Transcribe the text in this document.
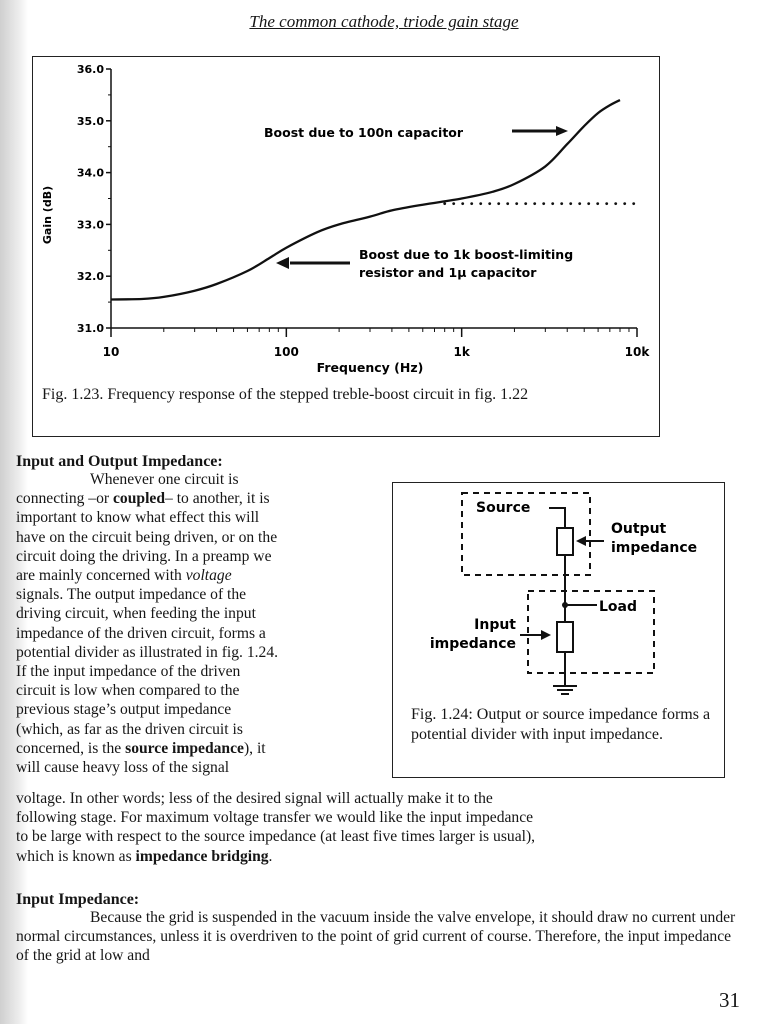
The common cathode, triode gain stage
31.0
32.0
33.0
34.0
35.0
36.0
10	100	1k	10k
Gain (dB)
Frequency (Hz)
Boost due to 100n capacitor
Boost due to 1k boost-limiting
resistor and 1µ capacitor
Fig. 1.23. Frequency response of the stepped treble-boost circuit in fig. 1.22
Input and Output Impedance:
Whenever one circuit is
connecting –or coupled– to another, it is
important to know what effect this will
have on the circuit being driven, or on the
circuit doing the driving. In a preamp we
are mainly concerned with voltage
signals. The output impedance of the
driving circuit, when feeding the input
impedance of the driven circuit, forms a
potential divider as illustrated in fig. 1.24.
If the input impedance of the driven
circuit is low when compared to the
previous stage’s output impedance
(which, as far as the driven circuit is
concerned, is the source impedance), it
will cause heavy loss of the signal
voltage. In other words; less of the desired signal will actually make it to the
following stage. For maximum voltage transfer we would like the input impedance
to be large with respect to the source impedance (at least five times larger is usual),
which is known as impedance bridging.
Source
Load
Output
impedance
Input
impedance
Fig. 1.24: Output or source impedance forms a potential divider with input impedance.
Input Impedance:
Because the grid is suspended in the vacuum inside the valve envelope, it should draw no current under normal circumstances, unless it is overdriven to the point of grid current of course. Therefore, the input impedance of the grid at low and
31
